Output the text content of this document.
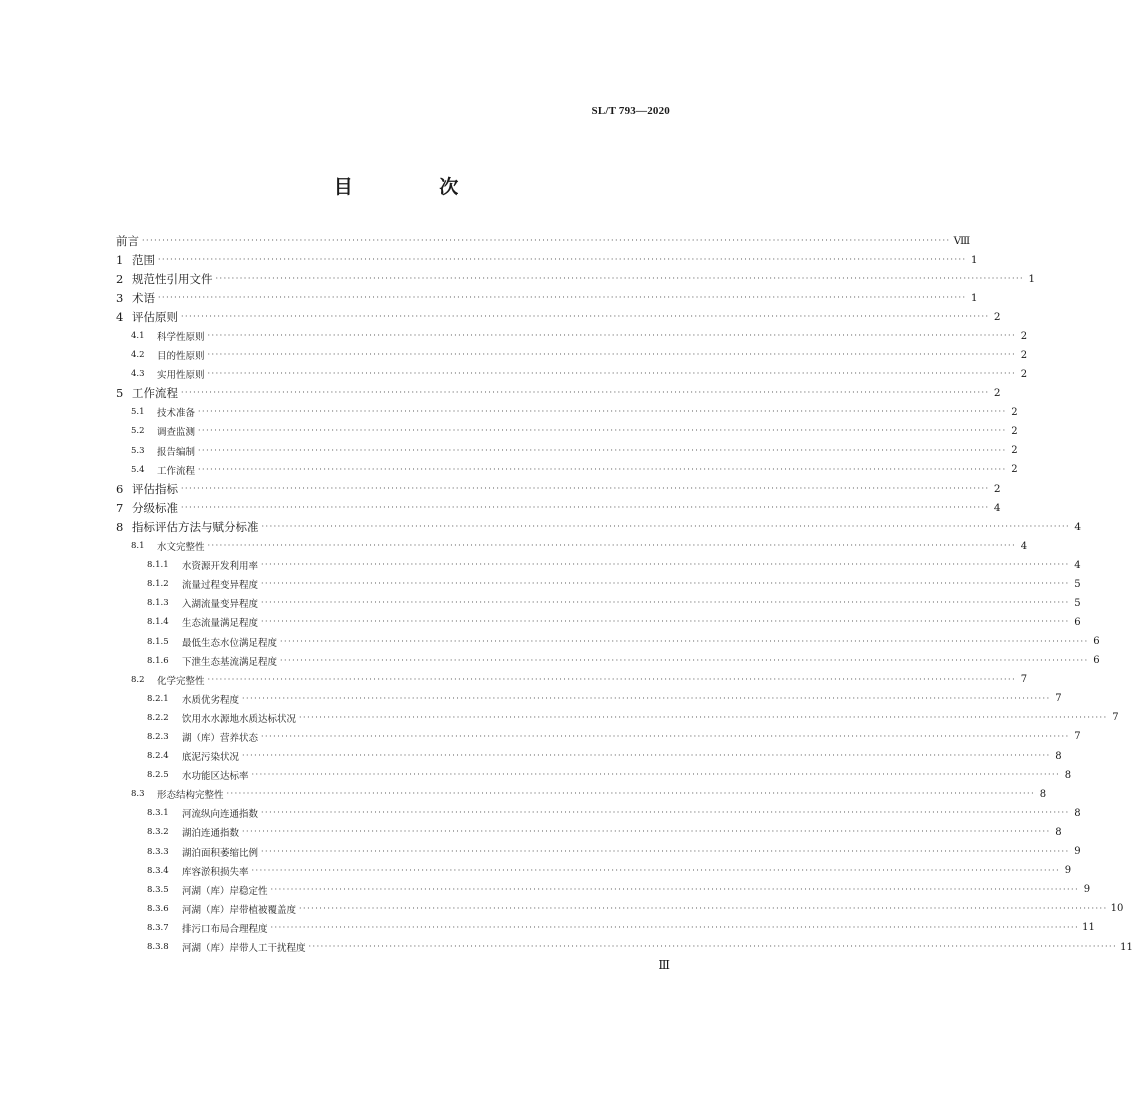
SL/T 793—2020
目 次
前言 ········································································································································································································ Ⅷ
1 范围 ········································································································································································································ 1
2 规范性引用文件 ········································································································································································································ 1
3 术语 ········································································································································································································ 1
4 评估原则 ········································································································································································································ 2
4.1	科学性原则 ········································································································································································································ 2
4.2	目的性原则 ········································································································································································································ 2
4.3	实用性原则 ········································································································································································································ 2
5 工作流程 ········································································································································································································ 2
5.1	技术准备 ········································································································································································································ 2
5.2	调查监测 ········································································································································································································ 2
5.3	报告编制 ········································································································································································································ 2
5.4	工作流程 ········································································································································································································ 2
6 评估指标 ········································································································································································································ 2
7 分级标准 ········································································································································································································ 4
8 指标评估方法与赋分标准 ········································································································································································································ 4
8.1	水文完整性 ········································································································································································································ 4
8.1.1	水资源开发利用率 ········································································································································································································ 4
8.1.2	流量过程变异程度 ········································································································································································································ 5
8.1.3	入湖流量变异程度 ········································································································································································································ 5
8.1.4	生态流量满足程度 ········································································································································································································ 6
8.1.5	最低生态水位满足程度 ········································································································································································································ 6
8.1.6	下泄生态基流满足程度 ········································································································································································································ 6
8.2	化学完整性 ········································································································································································································ 7
8.2.1	水质优劣程度 ········································································································································································································ 7
8.2.2	饮用水水源地水质达标状况 ········································································································································································································ 7
8.2.3	湖（库）营养状态 ········································································································································································································ 7
8.2.4	底泥污染状况 ········································································································································································································ 8
8.2.5	水功能区达标率 ········································································································································································································ 8
8.3	形态结构完整性 ········································································································································································································ 8
8.3.1	河流纵向连通指数 ········································································································································································································ 8
8.3.2	湖泊连通指数 ········································································································································································································ 8
8.3.3	湖泊面积萎缩比例 ········································································································································································································ 9
8.3.4	库容淤积损失率 ········································································································································································································ 9
8.3.5	河湖（库）岸稳定性 ········································································································································································································ 9
8.3.6	河湖（库）岸带植被覆盖度 ········································································································································································································ 10
8.3.7	排污口布局合理程度 ········································································································································································································ 11
8.3.8	河湖（库）岸带人工干扰程度 ········································································································································································································ 11
Ⅲ
